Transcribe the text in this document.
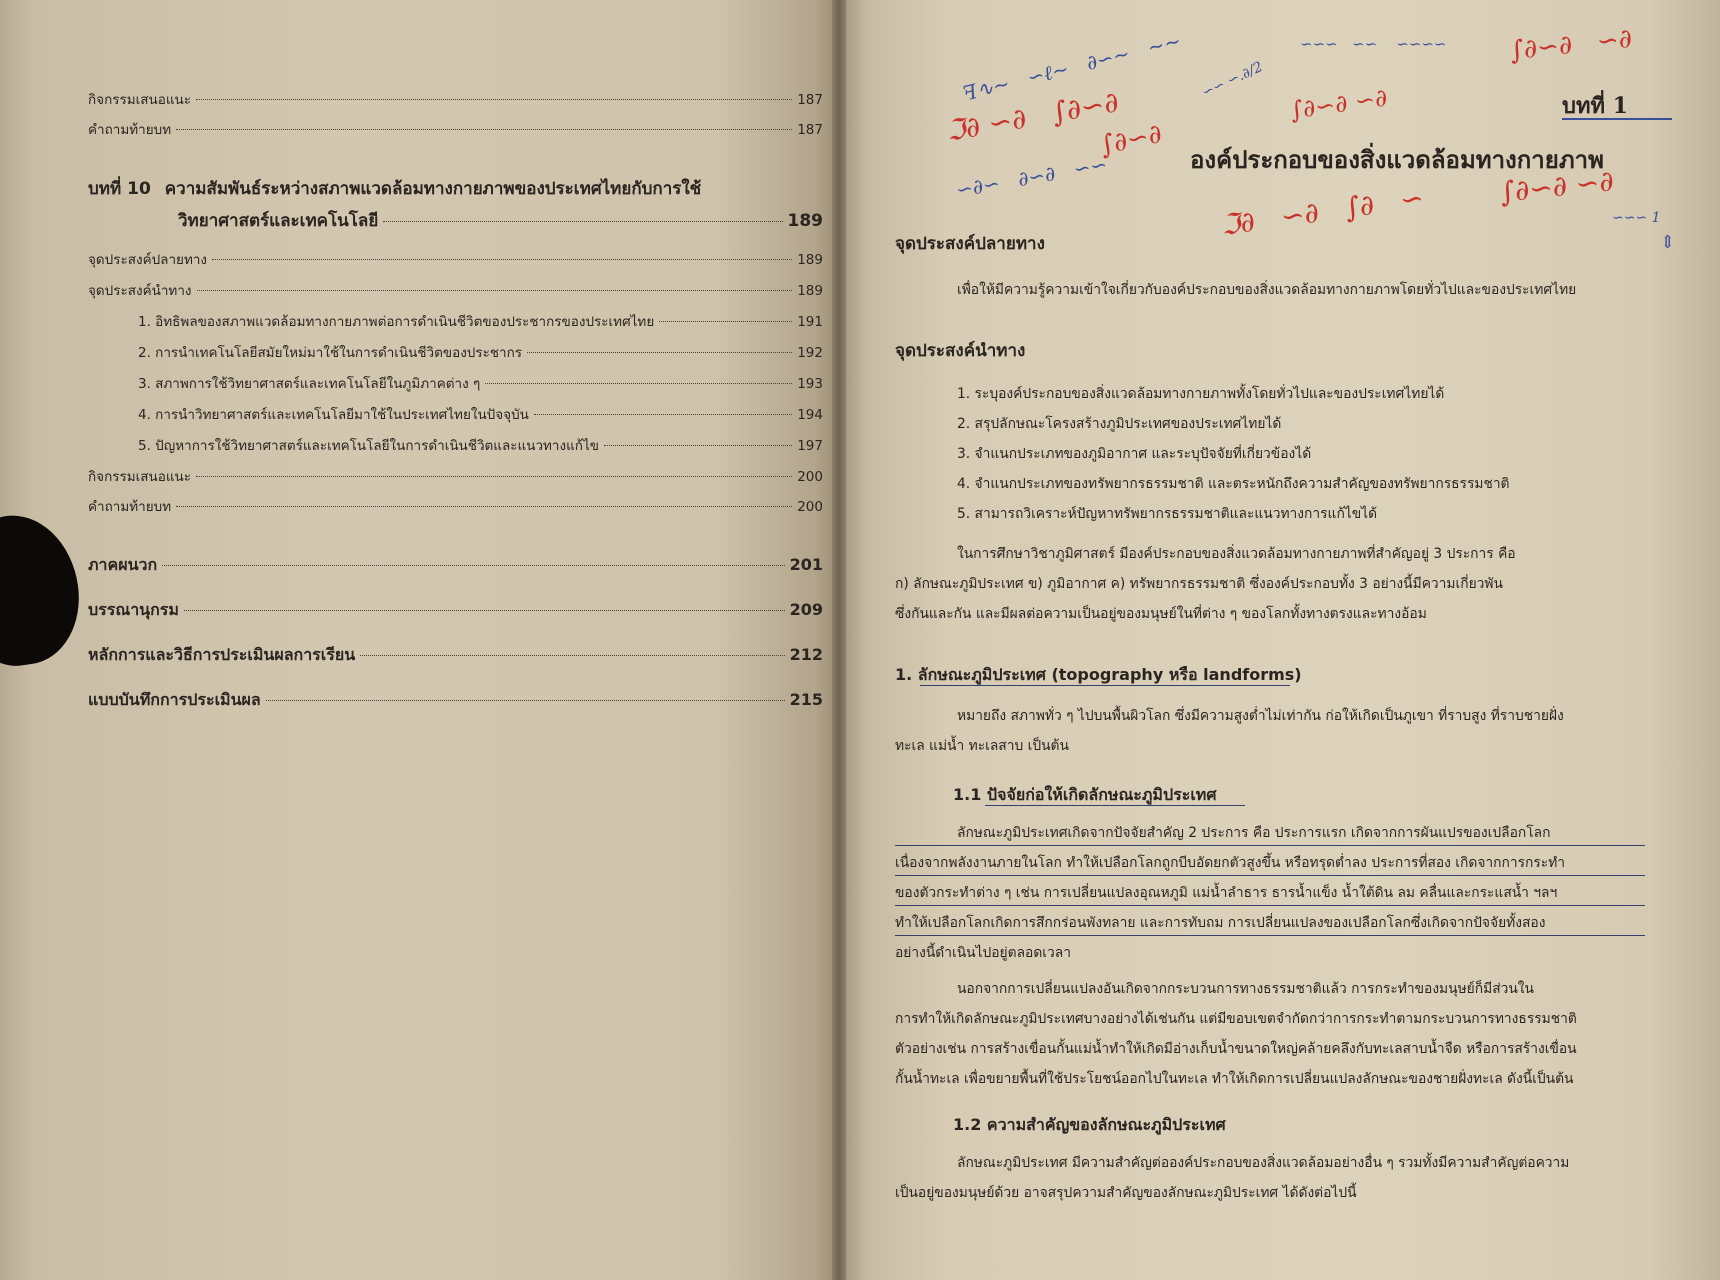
กิจกรรมเสนอแนะ	187
คำถามท้ายบท	187
บทที่ 10 ความสัมพันธ์ระหว่างสภาพแวดล้อมทางกายภาพของประเทศไทยกับการใช้
วิทยาศาสตร์และเทคโนโลยี	189
จุดประสงค์ปลายทาง	189
จุดประสงค์นำทาง	189
1. อิทธิพลของสภาพแวดล้อมทางกายภาพต่อการดำเนินชีวิตของประชากรของประเทศไทย	191
2. การนำเทคโนโลยีสมัยใหม่มาใช้ในการดำเนินชีวิตของประชากร	192
3. สภาพการใช้วิทยาศาสตร์และเทคโนโลยีในภูมิภาคต่าง ๆ	193
4. การนำวิทยาศาสตร์และเทคโนโลยีมาใช้ในประเทศไทยในปัจจุบัน	194
5. ปัญหาการใช้วิทยาศาสตร์และเทคโนโลยีในการดำเนินชีวิตและแนวทางแก้ไข	197
กิจกรรมเสนอแนะ	200
คำถามท้ายบท	200
ภาคผนวก	201
บรรณานุกรม	209
หลักการและวิธีการประเมินผลการเรียน	212
แบบบันทึกการประเมินผล	215
ꟻ∿~   ∽ℓ~   ∂∽~   ~~	∽∽∽   ∽∽    ∽∽∽∽ ∫∂∽∂   ∽∂
ℑ∂ ∽∂   ∫∂∽∂
∽∽ ∽.∂/2
∫∂∽∂ ∽∂
∫∂∽∂
∽∂∽   ∂∽∂   ∽∽
ℑ∂   ∽∂   ∫∂   ∽	∫∂∽∂ ∽∂
∽∽∽ 1
⇕
บทที่ 1
องค์ประกอบของสิ่งแวดล้อมทางกายภาพ
จุดประสงค์ปลายทาง
เพื่อให้มีความรู้ความเข้าใจเกี่ยวกับองค์ประกอบของสิ่งแวดล้อมทางกายภาพโดยทั่วไปและของประเทศไทย
จุดประสงค์นำทาง
1. ระบุองค์ประกอบของสิ่งแวดล้อมทางกายภาพทั้งโดยทั่วไปและของประเทศไทยได้
2. สรุปลักษณะโครงสร้างภูมิประเทศของประเทศไทยได้
3. จำแนกประเภทของภูมิอากาศ และระบุปัจจัยที่เกี่ยวข้องได้
4. จำแนกประเภทของทรัพยากรธรรมชาติ และตระหนักถึงความสำคัญของทรัพยากรธรรมชาติ
5. สามารถวิเคราะห์ปัญหาทรัพยากรธรรมชาติและแนวทางการแก้ไขได้
ในการศึกษาวิชาภูมิศาสตร์ มีองค์ประกอบของสิ่งแวดล้อมทางกายภาพที่สำคัญอยู่ 3 ประการ คือ
ก) ลักษณะภูมิประเทศ ข) ภูมิอากาศ ค) ทรัพยากรธรรมชาติ ซึ่งองค์ประกอบทั้ง 3 อย่างนี้มีความเกี่ยวพัน
ซึ่งกันและกัน และมีผลต่อความเป็นอยู่ของมนุษย์ในที่ต่าง ๆ ของโลกทั้งทางตรงและทางอ้อม
1. ลักษณะภูมิประเทศ (topography หรือ landforms)
หมายถึง สภาพทั่ว ๆ ไปบนพื้นผิวโลก ซึ่งมีความสูงต่ำไม่เท่ากัน ก่อให้เกิดเป็นภูเขา ที่ราบสูง ที่ราบชายฝั่ง
ทะเล แม่น้ำ ทะเลสาบ เป็นต้น
1.1 ปัจจัยก่อให้เกิดลักษณะภูมิประเทศ
ลักษณะภูมิประเทศเกิดจากปัจจัยสำคัญ 2 ประการ คือ ประการแรก เกิดจากการผันแปรของเปลือกโลก
เนื่องจากพลังงานภายในโลก ทำให้เปลือกโลกถูกบีบอัดยกตัวสูงขึ้น หรือทรุดต่ำลง ประการที่สอง เกิดจากการกระทำ
ของตัวกระทำต่าง ๆ เช่น การเปลี่ยนแปลงอุณหภูมิ แม่น้ำลำธาร ธารน้ำแข็ง น้ำใต้ดิน ลม คลื่นและกระแสน้ำ ฯลฯ
ทำให้เปลือกโลกเกิดการสึกกร่อนพังทลาย และการทับถม การเปลี่ยนแปลงของเปลือกโลกซึ่งเกิดจากปัจจัยทั้งสอง
อย่างนี้ดำเนินไปอยู่ตลอดเวลา
นอกจากการเปลี่ยนแปลงอันเกิดจากกระบวนการทางธรรมชาติแล้ว การกระทำของมนุษย์ก็มีส่วนใน
การทำให้เกิดลักษณะภูมิประเทศบางอย่างได้เช่นกัน แต่มีขอบเขตจำกัดกว่าการกระทำตามกระบวนการทางธรรมชาติ
ตัวอย่างเช่น การสร้างเขื่อนกั้นแม่น้ำทำให้เกิดมีอ่างเก็บน้ำขนาดใหญ่คล้ายคลึงกับทะเลสาบน้ำจืด หรือการสร้างเขื่อน
กั้นน้ำทะเล เพื่อขยายพื้นที่ใช้ประโยชน์ออกไปในทะเล ทำให้เกิดการเปลี่ยนแปลงลักษณะของชายฝั่งทะเล ดังนี้เป็นต้น
1.2 ความสำคัญของลักษณะภูมิประเทศ
ลักษณะภูมิประเทศ มีความสำคัญต่อองค์ประกอบของสิ่งแวดล้อมอย่างอื่น ๆ รวมทั้งมีความสำคัญต่อความ
เป็นอยู่ของมนุษย์ด้วย อาจสรุปความสำคัญของลักษณะภูมิประเทศ ได้ดังต่อไปนี้
